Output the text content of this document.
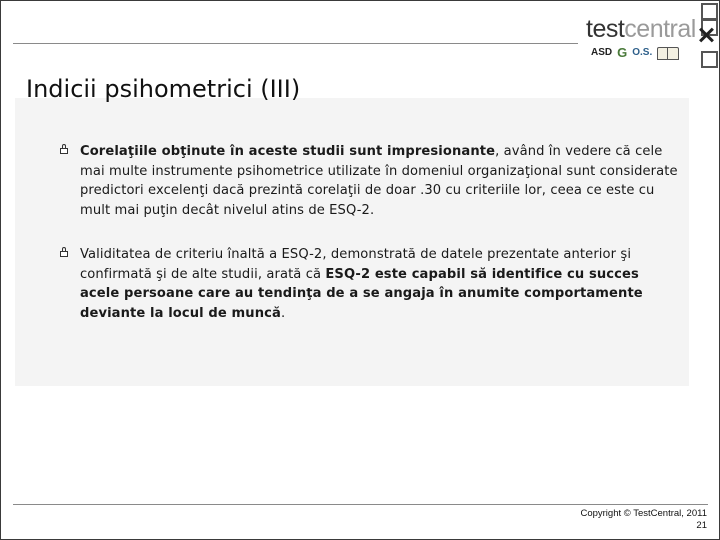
testcentral
ASD G O.S.
Indicii psihometrici (III)
Corelaţiile obţinute în aceste studii sunt impresionante, având în vedere că cele mai multe instrumente psihometrice utilizate în domeniul organizaţional sunt considerate predictori excelenţi dacă prezintă corelaţii de doar .30 cu criteriile lor, ceea ce este cu mult mai puţin decât nivelul atins de ESQ-2.
Validitatea de criteriu înaltă a ESQ-2, demonstrată de datele prezentate anterior şi confirmată şi de alte studii, arată că ESQ-2 este capabil să identifice cu succes acele persoane care au tendinţa de a se angaja în anumite comportamente deviante la locul de muncă.
Copyright © TestCentral, 2011
21
